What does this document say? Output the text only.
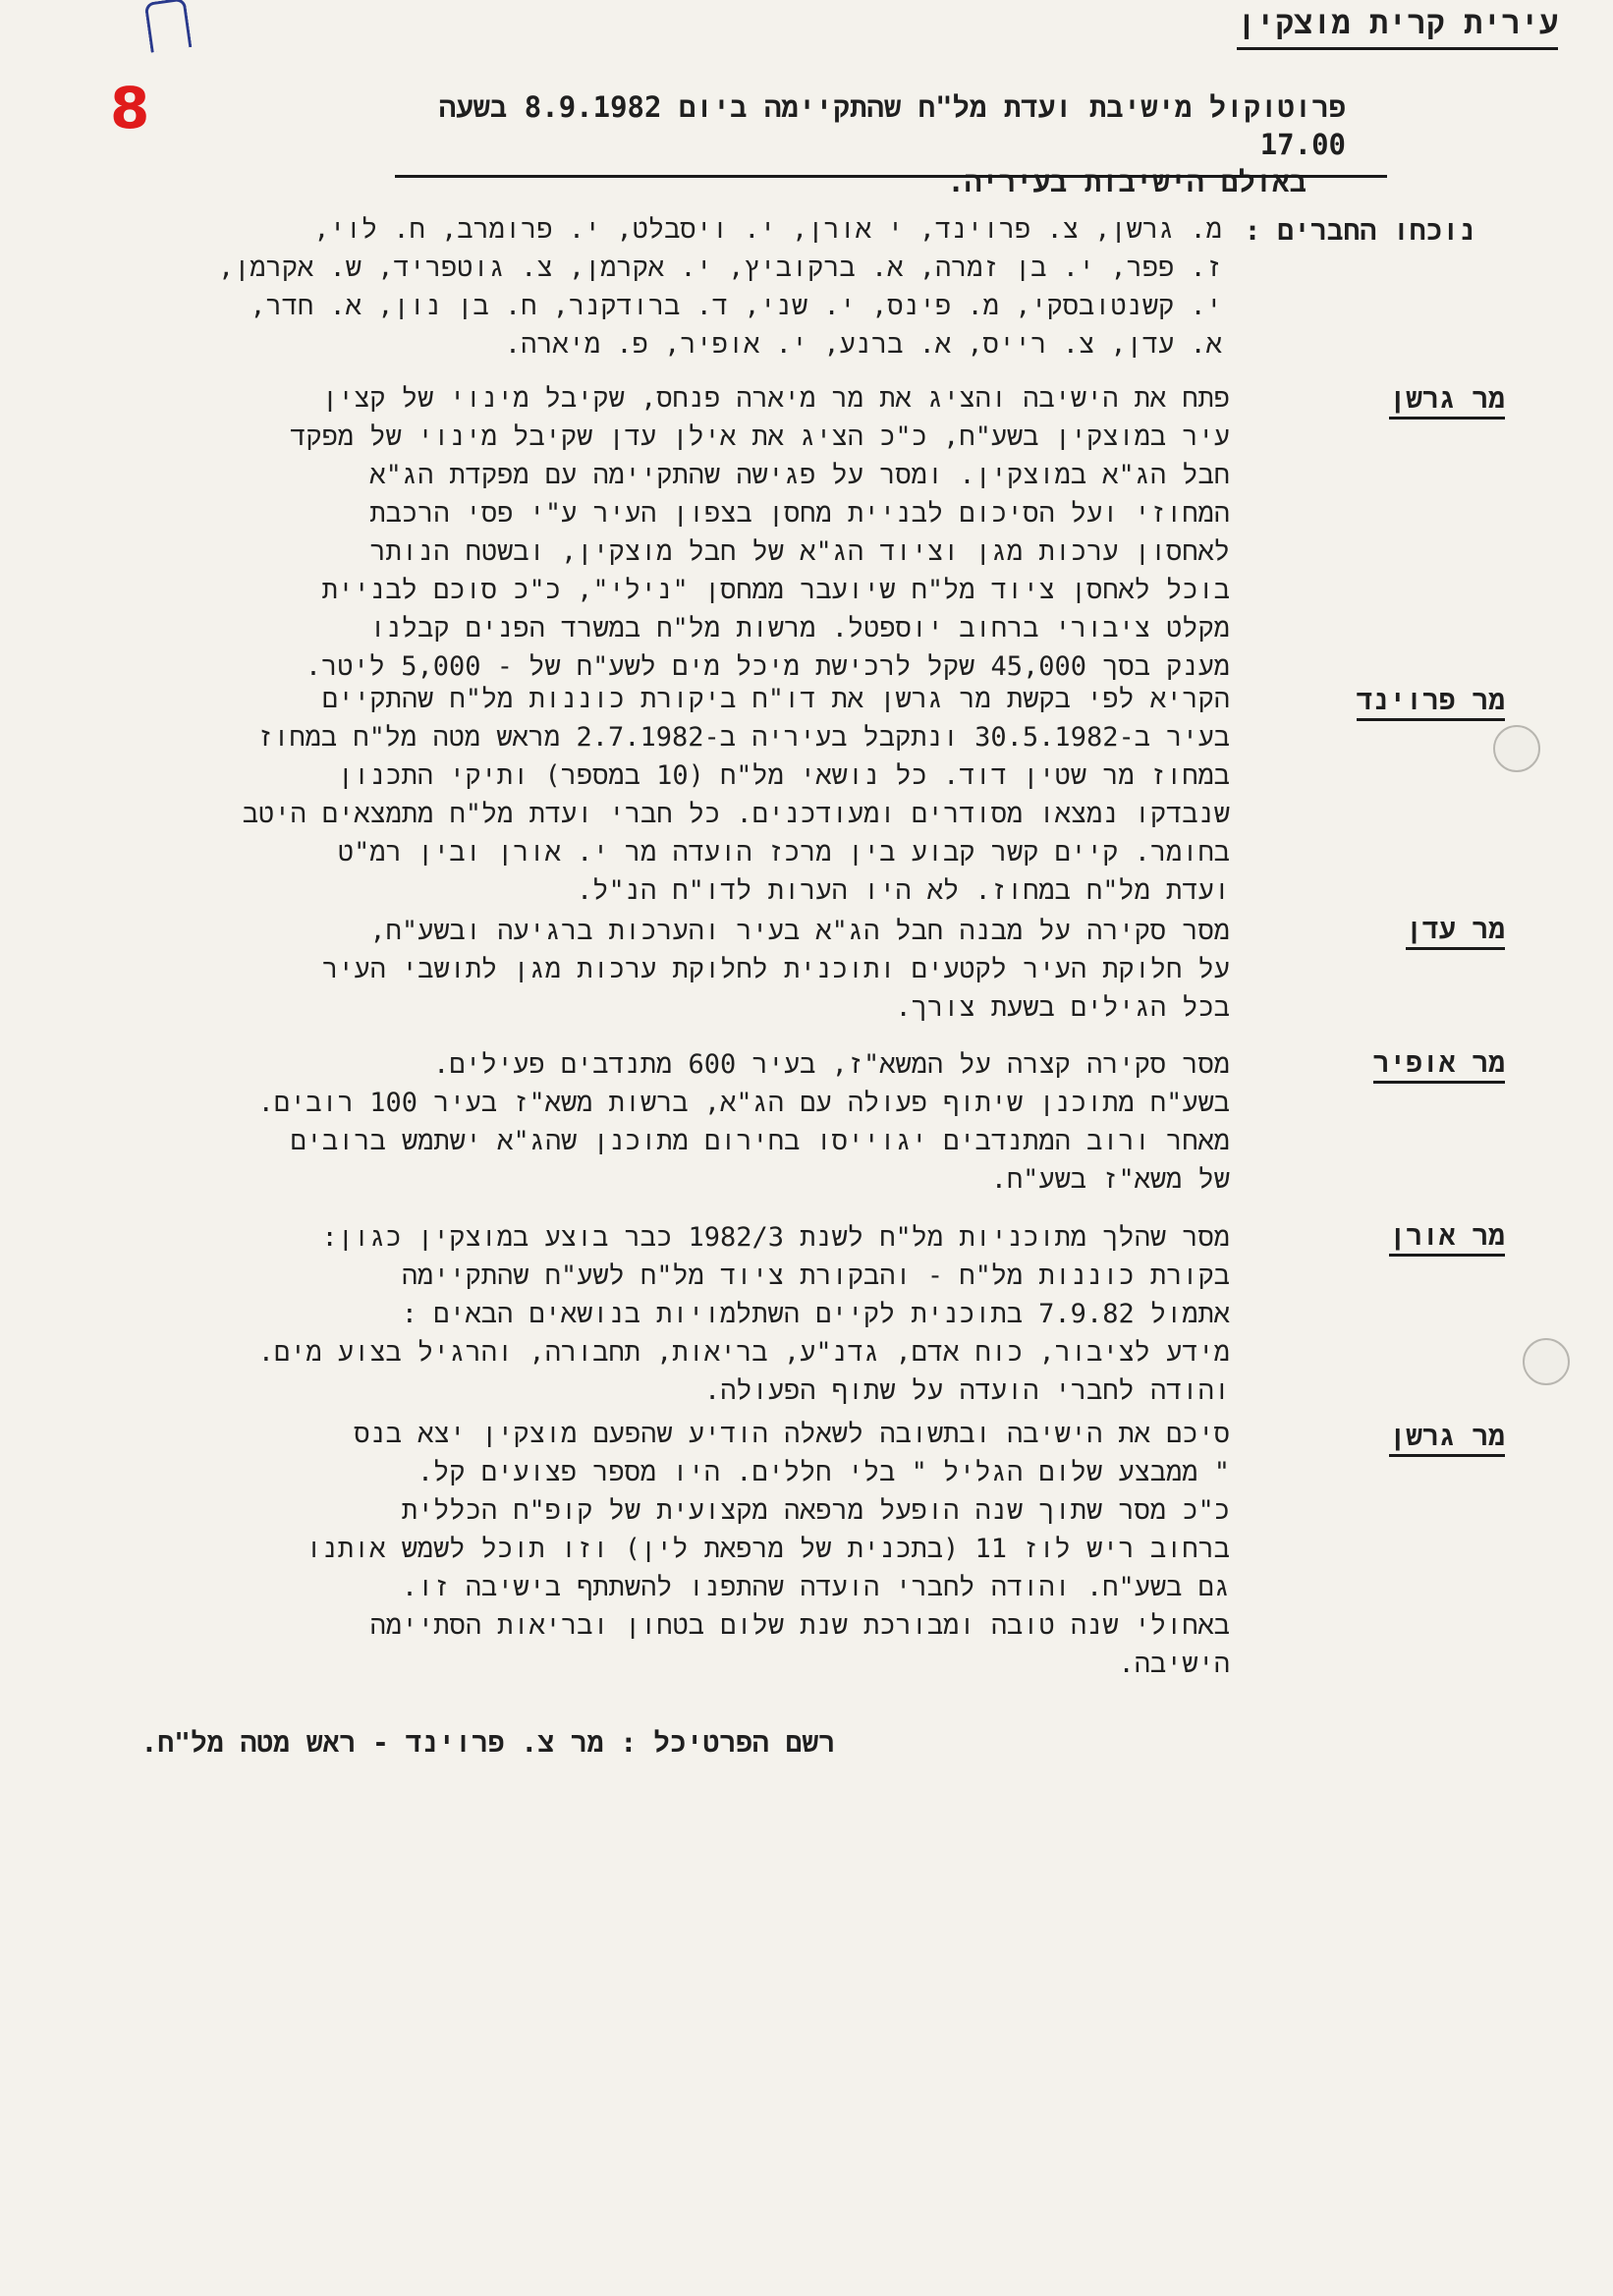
עירית קרית מוצקין
8	פרוטוקול מישיבת ועדת מל"ח שהתקיימה ביום 8.9.1982 בשעה 17.00
באולם הישיבות בעיריה.
נוכחו החברים :
מ. גרשן, צ. פרוינד, י אורן, י. ויסבלט, י. פרומרב, ח. לוי,
ז. פפר, י. בן זמרה, א. ברקוביץ, י. אקרמן, צ. גוטפריד, ש. אקרמן,
י. קשנטובסקי, מ. פינס, י. שני, ד. ברודקנר, ח. בן נון, א. חדר,
א. עדן, צ. רייס, א. ברנע, י. אופיר, פ. מיארה.
מר גרשן
פתח את הישיבה והציג את מר מיארה פנחס, שקיבל מינוי של קצין
עיר במוצקין בשע"ח, כ"כ הציג את אילן עדן שקיבל מינוי של מפקד
חבל הג"א במוצקין. ומסר על פגישה שהתקיימה עם מפקדת הג"א
המחוזי ועל הסיכום לבניית מחסן בצפון העיר ע"י פסי הרכבת
לאחסון ערכות מגן וציוד הג"א של חבל מוצקין, ובשטח הנותר
בוכל לאחסן ציוד מל"ח שיועבר ממחסן "נילי", כ"כ סוכם לבניית
מקלט ציבורי ברחוב יוספטל. מרשות מל"ח במשרד הפנים קבלנו
מענק בסך 45,000 שקל לרכישת מיכל מים לשע"ח של - 5,000 ליטר.
מר פרוינד
הקריא לפי בקשת מר גרשן את דו"ח ביקורת כוננות מל"ח שהתקיים
בעיר ב-30.5.1982 ונתקבל בעיריה ב-2.7.1982 מראש מטה מל"ח במחוז
במחוז מר שטין דוד. כל נושאי מל"ח (10 במספר) ותיקי התכנון
שנבדקו נמצאו מסודרים ומעודכנים. כל חברי ועדת מל"ח מתמצאים היטב
בחומר. קיים קשר קבוע בין מרכז הועדה מר י. אורן ובין רמ"ט
ועדת מל"ח במחוז. לא היו הערות לדו"ח הנ"ל.
מר עדן
מסר סקירה על מבנה חבל הג"א בעיר והערכות ברגיעה ובשע"ח,
על חלוקת העיר לקטעים ותוכנית לחלוקת ערכות מגן לתושבי העיר
בכל הגילים בשעת צורך.
מר אופיר
מסר סקירה קצרה על המשא"ז, בעיר 600 מתנדבים פעילים.
בשע"ח מתוכנן שיתוף פעולה עם הג"א, ברשות משא"ז בעיר 100 רובים.
מאחר ורוב המתנדבים יגוייסו בחירום מתוכנן שהג"א ישתמש ברובים
של משא"ז בשע"ח.
מר אורן
מסר שהלך מתוכניות מל"ח לשנת 1982/3 כבר בוצע במוצקין כגון:
בקורת כוננות מל"ח - והבקורת ציוד מל"ח לשע"ח שהתקיימה
אתמול 7.9.82 בתוכנית לקיים השתלמויות בנושאים הבאים :
מידע לציבור, כוח אדם, גדנ"ע, בריאות, תחבורה, והרגיל בצוע מים.
והודה לחברי הועדה על שתוף הפעולה.
מר גרשן
סיכם את הישיבה ובתשובה לשאלה הודיע שהפעם מוצקין יצא בנס
" ממבצע שלום הגליל " בלי חללים. היו מספר פצועים קל.
כ"כ מסר שתוך שנה הופעל מרפאה מקצועית של קופ"ח הכללית
ברחוב ריש לוז 11 (בתכנית של מרפאת לין) וזו תוכל לשמש אותנו
גם בשע"ח. והודה לחברי הועדה שהתפנו להשתתף בישיבה זו.
באחולי שנה טובה ומבורכת שנת שלום בטחון ובריאות הסתיימה
הישיבה.
רשם הפרטיכל : מר צ. פרוינד - ראש מטה מל"ח.
